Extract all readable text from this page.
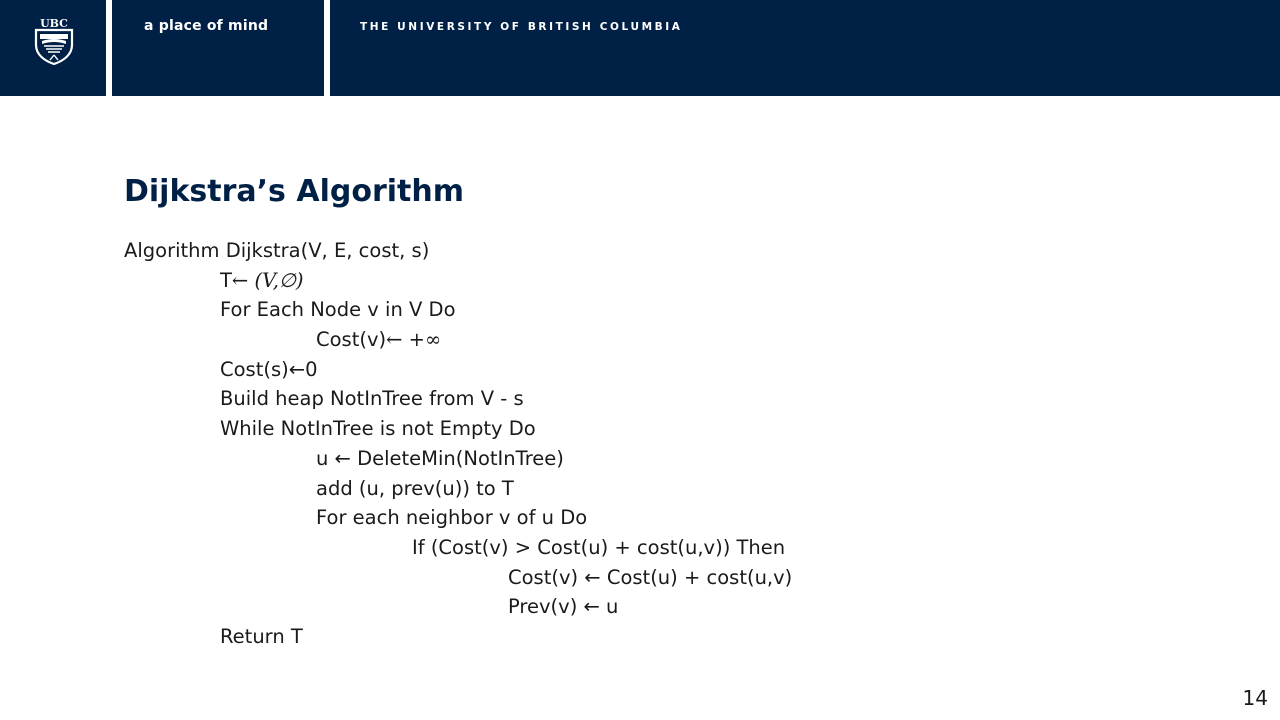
UBC	a place of mind	THE UNIVERSITY OF BRITISH COLUMBIA
Dijkstra’s Algorithm
Algorithm Dijkstra(V, E, cost, s)
T← (V,∅)
For Each Node v in V Do
Cost(v)← +∞
Cost(s)←0
Build heap NotInTree from V - s
While NotInTree is not Empty Do
u ← DeleteMin(NotInTree)
add (u, prev(u)) to T
For each neighbor v of u Do
If (Cost(v) > Cost(u) + cost(u,v)) Then
Cost(v) ← Cost(u) + cost(u,v)
Prev(v) ← u
Return T
14
